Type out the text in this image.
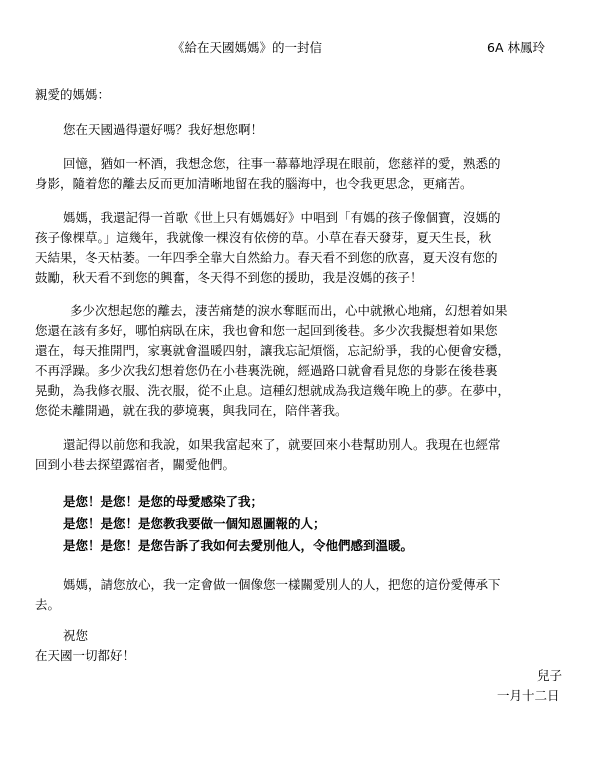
《給在天國媽媽》的一封信	6A 林鳳玲
親愛的媽媽：
您在天國過得還好嗎？我好想您啊！
回憶，猶如一杯酒，我想念您，往事一幕幕地浮現在眼前，您慈祥的愛，熟悉的
身影，隨着您的離去反而更加清晰地留在我的腦海中，也令我更思念，更痛苦。
媽媽，我還記得一首歌《世上只有媽媽好》中唱到「有媽的孩子像個寶，沒媽的
孩子像棵草。」這幾年，我就像一棵沒有依傍的草。小草在春天發芽，夏天生長，秋
天結果，冬天枯萎。一年四季全靠大自然給力。春天看不到您的欣喜，夏天沒有您的
鼓勵，秋天看不到您的興奮，冬天得不到您的援助，我是沒媽的孩子！
多少次想起您的離去，淒苦痛楚的淚水奪眶而出，心中就揪心地痛，幻想着如果
您還在該有多好，哪怕病臥在床，我也會和您一起回到後巷。多少次我擬想着如果您
還在，每天推開門，家裏就會溫暖四射，讓我忘記煩惱，忘記紛爭，我的心便會安穩，
不再浮躁。多少次我幻想着您仍在小巷裏洗碗，經過路口就會看見您的身影在後巷裏
晃動，為我修衣服、洗衣服，從不止息。這種幻想就成為我這幾年晚上的夢。在夢中，
您從未離開過，就在我的夢境裏，與我同在，陪伴著我。
還記得以前您和我說，如果我富起來了，就要回來小巷幫助別人。我現在也經常
回到小巷去探望露宿者，關愛他們。
是您！是您！是您的母愛感染了我；
是您！是您！是您教我要做一個知恩圖報的人；
是您！是您！是您告訴了我如何去愛別他人，令他們感到溫暖。
媽媽，請您放心，我一定會做一個像您一樣關愛別人的人，把您的這份愛傳承下
去。
祝您
在天國一切都好！
兒子
一月十二日
